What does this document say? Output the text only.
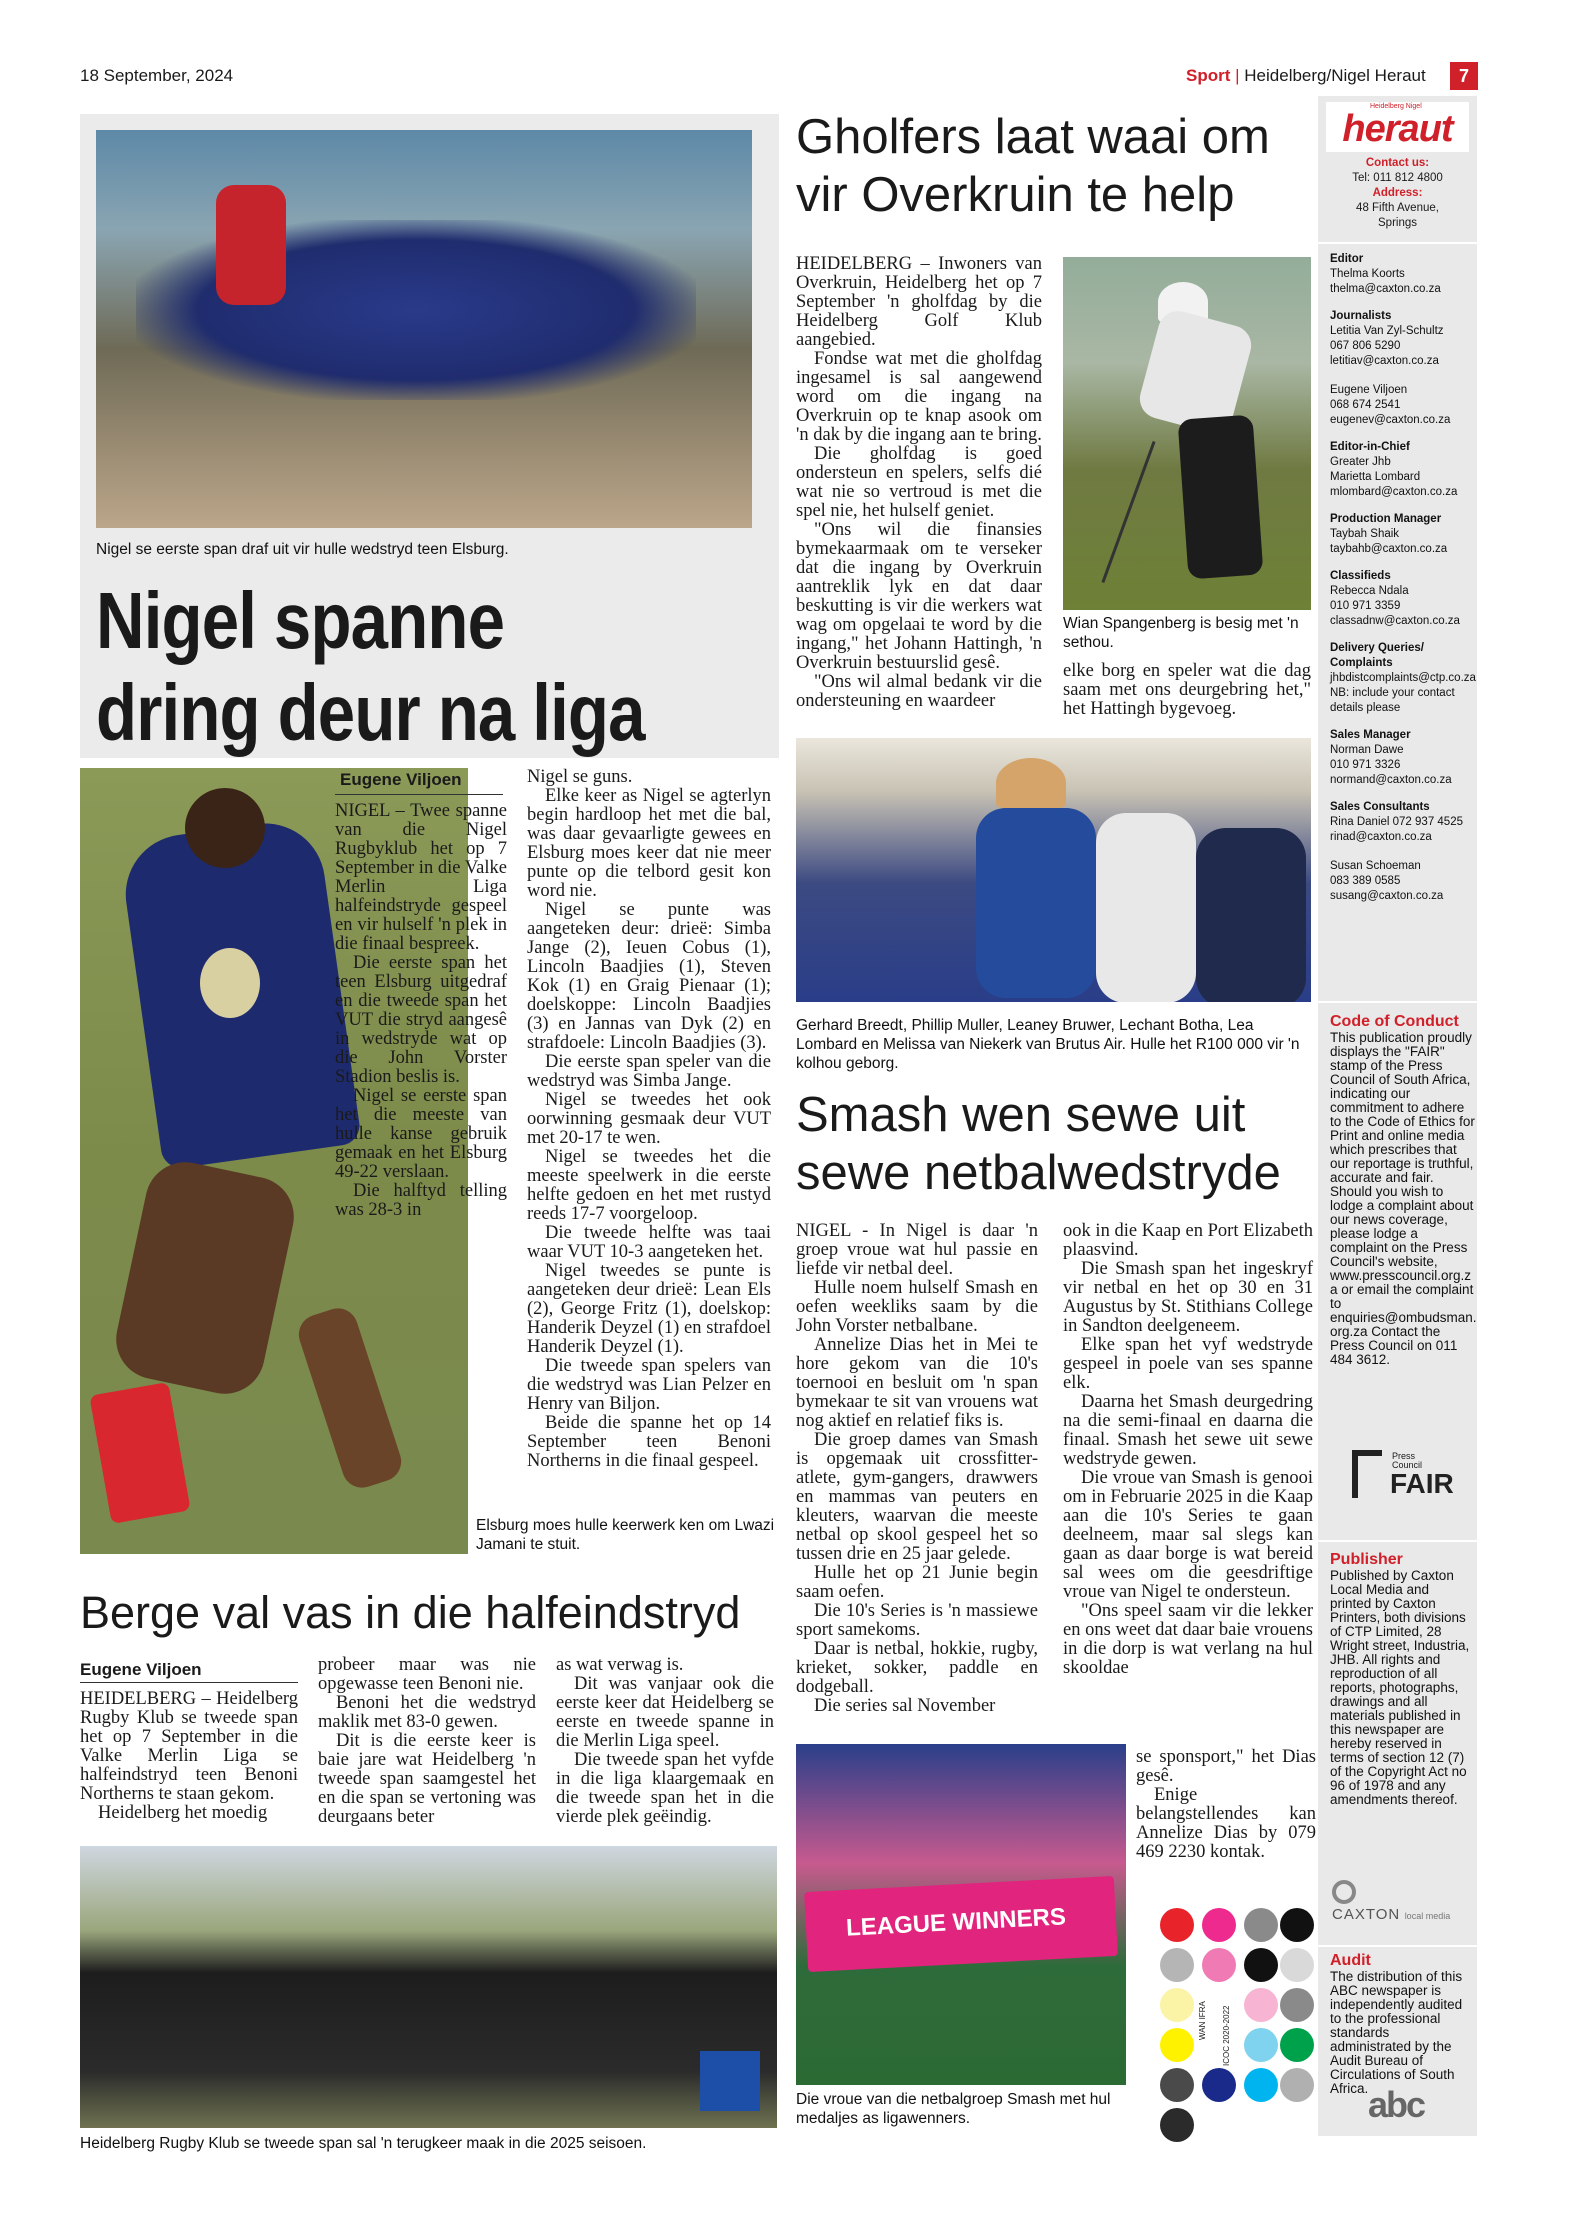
18 September, 2024	Sport | Heidelberg/Nigel Heraut	7
Heidelberg Nigel
heraut
Contact us:
Tel: 011 812 4800
Address:
48 Fifth Avenue,
Springs
Editor
Thelma Koorts
thelma@caxton.co.za
Journalists
Letitia Van Zyl-Schultz
067 806 5290
letitiav@caxton.co.za
Eugene Viljoen
068 674 2541
eugenev@caxton.co.za
Editor-in-Chief
Greater Jhb
Marietta Lombard
mlombard@caxton.co.za
Production Manager
Taybah Shaik
taybahb@caxton.co.za
Classifieds
Rebecca Ndala
010 971 3359
classadnw@caxton.co.za
Delivery Queries/ Complaints
jhbdistcomplaints@ctp.co.za
NB: include your contact details please
Sales Manager
Norman Dawe
010 971 3326
normand@caxton.co.za
Sales Consultants
Rina Daniel 072 937 4525
rinad@caxton.co.za
Susan Schoeman
083 389 0585
susang@caxton.co.za
Code of Conduct
This publication proudly displays the "FAIR" stamp of the Press Council of South Africa, indicating our commitment to adhere to the Code of Ethics for Print and online media which prescribes that our reportage is truthful, accurate and fair. Should you wish to lodge a complaint about our news coverage, please lodge a complaint on the Press Council's website, www.presscouncil.org.za or email the complaint to enquiries@ombudsman.org.za Contact the Press Council on 011 484 3612.
Press Council
FAIR
Publisher
Published by Caxton Local Media and printed by Caxton Printers, both divisions of CTP Limited, 28 Wright street, Industria, JHB. All rights and reproduction of all reports, photographs, drawings and all materials published in this newspaper are hereby reserved in terms of section 12 (7) of the Copyright Act no 96 of 1978 and any amendments thereof.
CAXTON local media
Audit
The distribution of this ABC newspaper is independently audited to the professional standards administrated by the Audit Bureau of Circulations of South Africa. abc
Nigel se eerste span draf uit vir hulle wedstryd teen Elsburg.
Nigel spanne dring deur na liga
Eugene Viljoen

NIGEL – Twee spanne van die Nigel Rugbyklub het op 7 September in die Valke Merlin Liga halfeindstryde gespeel en vir hulself 'n plek in die finaal bespreek.

Die eerste span het teen Elsburg uitgedraf en die tweede span het VUT die stryd aangesê in wedstryde wat op die John Vorster Stadion beslis is.

Nigel se eerste span het die meeste van hulle kanse gebruik gemaak en het Elsburg 49-22 verslaan.

Die halftyd telling was 28-3 in

Nigel se guns.

Elke keer as Nigel se agterlyn begin hardloop het met die bal, was daar gevaarligte gewees en Elsburg moes keer dat nie meer punte op die telbord gesit kon word nie.

Nigel se punte was aangeteken deur: drieë: Simba Jange (2), Ieuen Cobus (1), Lincoln Baadjies (1), Steven Kok (1) en Graig Pienaar (1); doelskoppe: Lincoln Baadjies (3) en Jannas van Dyk (2) en strafdoele: Lincoln Baadjies (3).

Die eerste span speler van die wedstryd was Simba Jange.

Nigel se tweedes het ook oorwinning gesmaak deur VUT met 20-17 te wen.

Nigel se tweedes het die meeste speelwerk in die eerste helfte gedoen en het met rustyd reeds 17-7 voorgeloop.

Die tweede helfte was taai waar VUT 10-3 aangeteken het.

Nigel tweedes se punte is aangeteken deur drieë: Lean Els (2), George Fritz (1), doelskop: Handerik Deyzel (1) en strafdoel Handerik Deyzel (1).

Die tweede span spelers van die wedstryd was Lian Pelzer en Henry van Biljon.

Beide die spanne het op 14 September teen Benoni Northerns in die finaal gespeel.

Elsburg moes hulle keerwerk ken om Lwazi Jamani te stuit.
Gholfers laat waai om vir Overkruin te help

HEIDELBERG – Inwoners van Overkruin, Heidelberg het op 7 September 'n gholfdag by die Heidelberg Golf Klub aangebied.

Fondse wat met die gholfdag ingesamel is sal aangewend word om die ingang na Overkruin op te knap asook om 'n dak by die ingang aan te bring.

Die gholfdag is goed ondersteun en spelers, selfs dié wat nie so vertroud is met die spel nie, het hulself geniet.

"Ons wil die finansies bymekaarmaak om te verseker dat die ingang by Overkruin aantreklik lyk en dat daar beskutting is vir die werkers wat wag om opgelaai te word by die ingang," het Johann Hattingh, 'n Overkruin bestuurslid gesê.

"Ons wil almal bedank vir die ondersteuning en waardeer

Wian Spangenberg is besig met 'n sethou.

elke borg en speler wat die dag saam met ons deurgebring het," het Hattingh bygevoeg.

Gerhard Breedt, Phillip Muller, Leaney Bruwer, Lechant Botha, Lea Lombard en Melissa van Niekerk van Brutus Air. Hulle het R100 000 vir 'n kolhou geborg.
Smash wen sewe uit sewe netbalwedstryde

NIGEL - In Nigel is daar 'n groep vroue wat hul passie en liefde vir netbal deel.

Hulle noem hulself Smash en oefen weekliks saam by die John Vorster netbalbane.

Annelize Dias het in Mei te hore gekom van die 10's toernooi en besluit om 'n span bymekaar te sit van vrouens wat nog aktief en relatief fiks is.

Die groep dames van Smash is opgemaak uit crossfitter-atlete, gym-gangers, drawwers en mammas van peuters en kleuters, waarvan die meeste netbal op skool gespeel het so tussen drie en 25 jaar gelede.

Hulle het op 21 Junie begin saam oefen.

Die 10's Series is 'n massiewe sport samekoms.

Daar is netbal, hokkie, rugby, krieket, sokker, paddle en dodgeball.

Die series sal November

ook in die Kaap en Port Elizabeth plaasvind.

Die Smash span het ingeskryf vir netbal en het op 30 en 31 Augustus by St. Stithians College in Sandton deelgeneem.

Elke span het vyf wedstryde gespeel in poele van ses spanne elk.

Daarna het Smash deurgedring na die semi-finaal en daarna die finaal. Smash het sewe uit sewe wedstryde gewen.

Die vroue van Smash is genooi om in Februarie 2025 in die Kaap aan die 10's Series te gaan deelneem, maar sal slegs kan gaan as daar borge is wat bereid sal wees om die geesdriftige vroue van Nigel te ondersteun.

"Ons speel saam vir die lekker en ons weet dat daar baie vrouens in die dorp is wat verlang na hul skooldae

se sponsport," het Dias gesê.

Enige belangstellendes kan Annelize Dias by 079 469 2230 kontak.

LEAGUE WINNERS
Die vroue van die netbalgroep Smash met hul medaljes as ligawenners.
WAN IFRA ICOC 2020-2022
Berge val vas in die halfeindstryd
Eugene Viljoen

HEIDELBERG – Heidelberg Rugby Klub se tweede span het op 7 September in die Valke Merlin Liga se halfeindstryd teen Benoni Northerns te staan gekom.

Heidelberg het moedig

probeer maar was nie opgewasse teen Benoni nie.

Benoni het die wedstryd maklik met 83-0 gewen.

Dit is die eerste keer is baie jare wat Heidelberg 'n tweede span saamgestel het en die span se vertoning was deurgaans beter

as wat verwag is.

Dit was vanjaar ook die eerste keer dat Heidelberg se eerste en tweede spanne in die Merlin Liga speel.

Die tweede span het vyfde in die liga klaargemaak en die tweede span het in die vierde plek geëindig.

Heidelberg Rugby Klub se tweede span sal 'n terugkeer maak in die 2025 seisoen.
